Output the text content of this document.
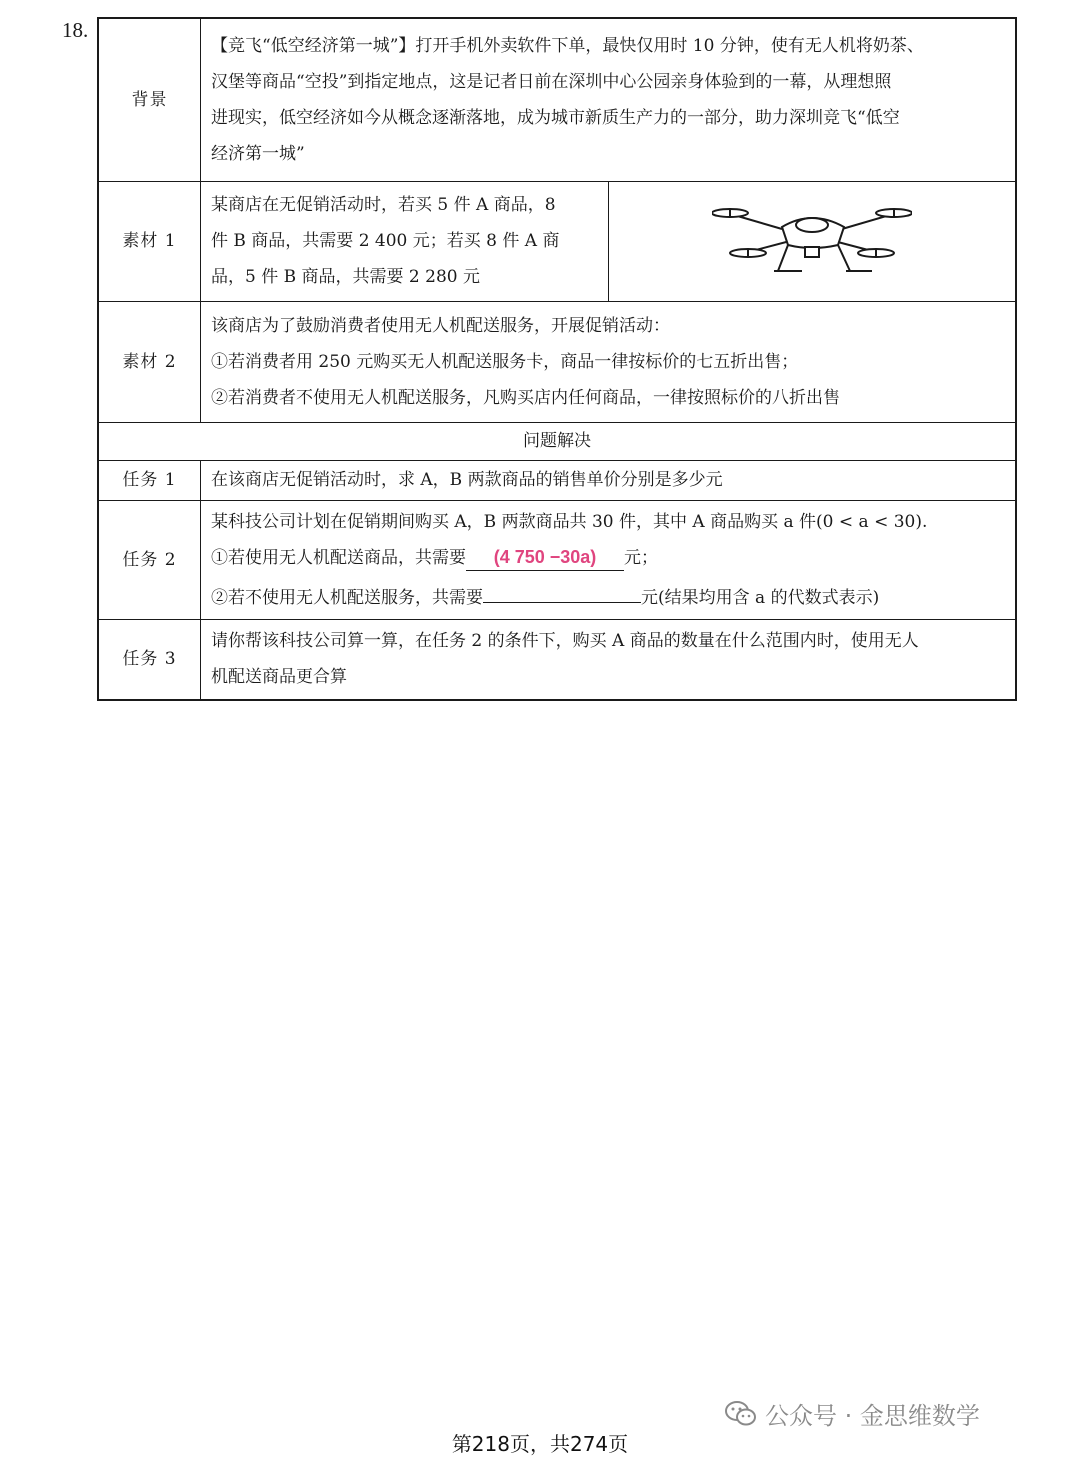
18.
背景	【竞飞“低空经济第一城”】打开手机外卖软件下单，最快仅用时 10 分钟，使有无人机将奶茶、
汉堡等商品“空投”到指定地点，这是记者日前在深圳中心公园亲身体验到的一幕，从理想照
进现实，低空经济如今从概念逐渐落地，成为城市新质生产力的一部分，助力深圳竞飞“低空
经济第一城”	

素材 1	某商店在无促销活动时，若买 5 件 A 商品，8
件 B 商品，共需要 2 400 元；若买 8 件 A 商
品，5 件 B 商品，共需要 2 280 元

素材 2	该商店为了鼓励消费者使用无人机配送服务，开展促销活动：
①若消费者用 250 元购买无人机配送服务卡，商品一律按标价的七五折出售；
②若消费者不使用无人机配送服务，凡购买店内任何商品，一律按照标价的八折出售	

问题解决		
任务 1	在该商店无促销活动时，求 A，B 两款商品的销售单价分别是多少元	

任务 2	某科技公司计划在促销期间购买 A，B 两款商品共 30 件，其中 A 商品购买 a 件(0 < a < 30).
①若使用无人机配送商品，共需要 (4 750 −30a) 元；
②若不使用无人机配送服务，共需要 元(结果均用含 a 的代数式表示)	

任务 3	请你帮该科技公司算一算，在任务 2 的条件下，购买 A 商品的数量在什么范围内时，使用无人
机配送商品更合算	
公众号 · 金思维数学
第218页，共274页
